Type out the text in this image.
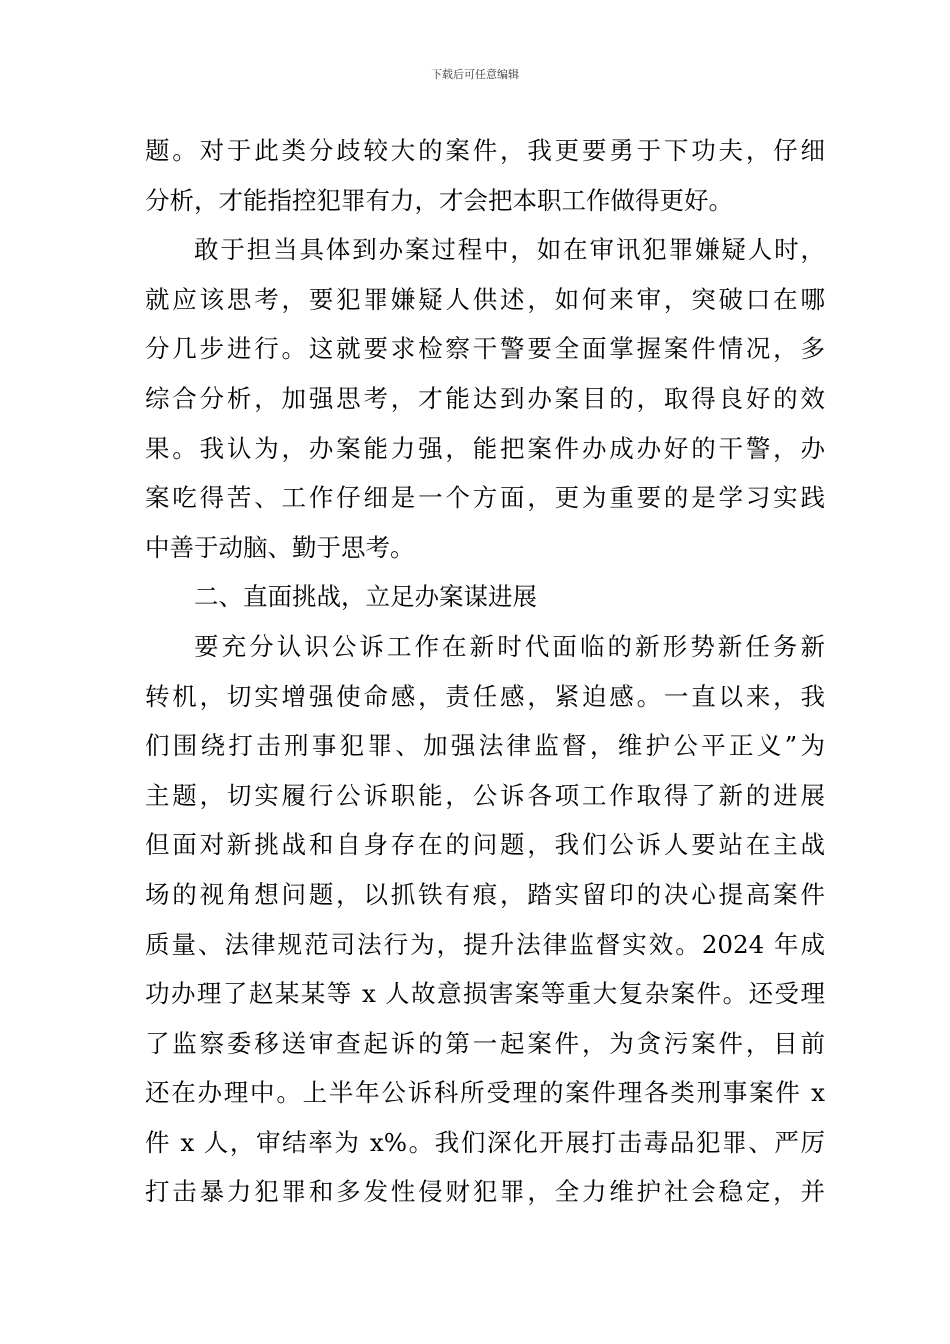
下载后可任意编辑
题。对于此类分歧较大的案件，我更要勇于下功夫，仔细
分析，才能指控犯罪有力，才会把本职工作做得更好。
敢于担当具体到办案过程中，如在审讯犯罪嫌疑人时，
就应该思考，要犯罪嫌疑人供述，如何来审，突破口在哪
分几步进行。这就要求检察干警要全面掌握案件情况，多
综合分析，加强思考，才能达到办案目的，取得良好的效
果。我认为，办案能力强，能把案件办成办好的干警，办
案吃得苦、工作仔细是一个方面，更为重要的是学习实践
中善于动脑、勤于思考。
二、直面挑战，立足办案谋进展
要充分认识公诉工作在新时代面临的新形势新任务新
转机，切实增强使命感，责任感，紧迫感。一直以来，我
们围绕打击刑事犯罪、加强法律监督，维护公平正义”为
主题，切实履行公诉职能，公诉各项工作取得了新的进展
但面对新挑战和自身存在的问题，我们公诉人要站在主战
场的视角想问题，以抓铁有痕，踏实留印的决心提高案件
质量、法律规范司法行为，提升法律监督实效。2024 年成
功办理了赵某某等 x 人故意损害案等重大复杂案件。还受理
了监察委移送审查起诉的第一起案件，为贪污案件，目前
还在办理中。上半年公诉科所受理的案件理各类刑事案件 x
件 x 人，审结率为 x%。我们深化开展打击毒品犯罪、严厉
打击暴力犯罪和多发性侵财犯罪，全力维护社会稳定，并
